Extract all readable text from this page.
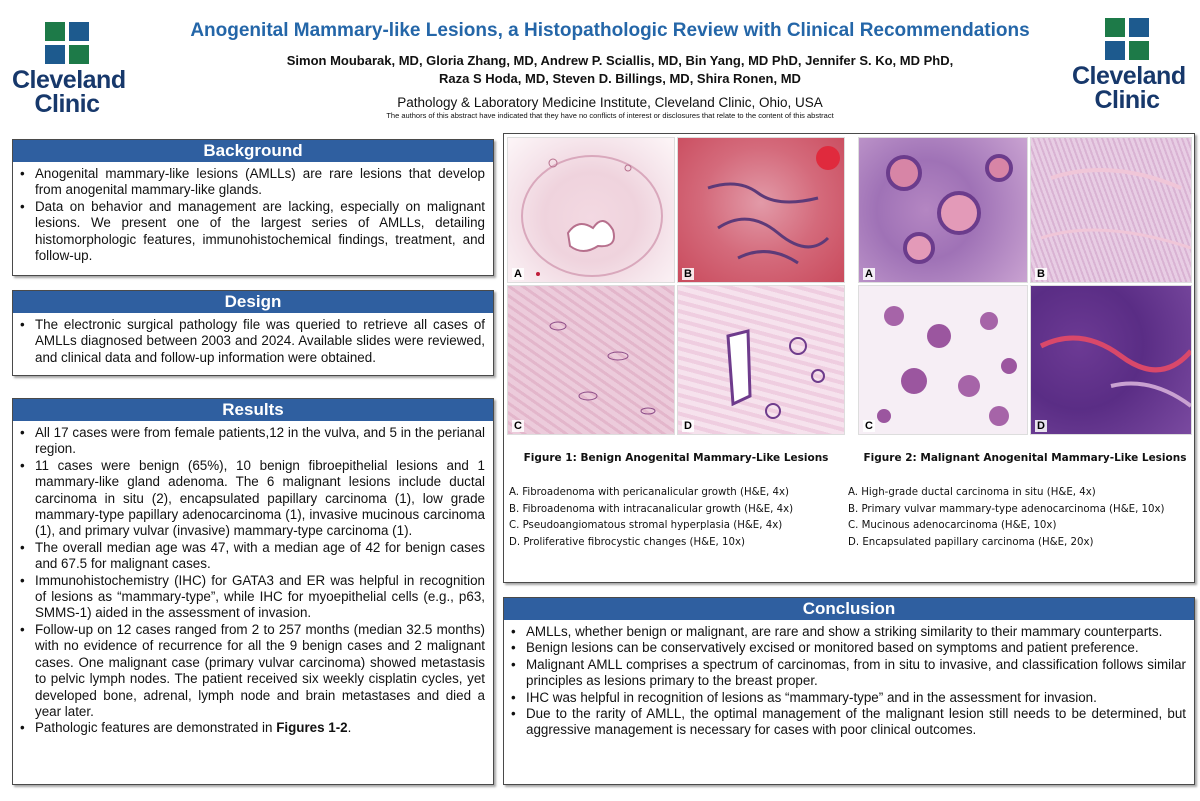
Cleveland
Clinic
Anogenital Mammary-like Lesions, a Histopathologic Review with Clinical Recommendations
Simon Moubarak, MD, Gloria Zhang, MD, Andrew P. Sciallis, MD, Bin Yang, MD PhD, Jennifer S. Ko, MD PhD,
Raza S Hoda, MD, Steven D. Billings, MD, Shira Ronen, MD
Pathology & Laboratory Medicine Institute, Cleveland Clinic, Ohio, USA
The authors of this abstract have indicated that they have no conflicts of interest or disclosures that relate to the content of this abstract
Cleveland
Clinic
Background
• Anogenital mammary-like lesions (AMLLs) are rare lesions that develop from anogenital mammary-like glands.
• Data on behavior and management are lacking, especially on malignant lesions. We present one of the largest series of AMLLs, detailing histomorphologic features, immunohistochemical findings, treatment, and follow-up.
Design
• The electronic surgical pathology file was queried to retrieve all cases of AMLLs diagnosed between 2003 and 2024. Available slides were reviewed, and clinical data and follow-up information were obtained.
Results
• All 17 cases were from female patients,12 in the vulva, and 5 in the perianal region.
• 11 cases were benign (65%), 10 benign fibroepithelial lesions and 1 mammary-like gland adenoma. The 6 malignant lesions include ductal carcinoma in situ (2), encapsulated papillary carcinoma (1), low grade mammary-type papillary adenocarcinoma (1), invasive mucinous carcinoma (1), and primary vulvar (invasive) mammary-type carcinoma (1).
• The overall median age was 47, with a median age of 42 for benign cases and 67.5 for malignant cases.
• Immunohistochemistry (IHC) for GATA3 and ER was helpful in recognition of lesions as “mammary-type”, while IHC for myoepithelial cells (e.g., p63, SMMS-1) aided in the assessment of invasion.
• Follow-up on 12 cases ranged from 2 to 257 months (median 32.5 months) with no evidence of recurrence for all the 9 benign cases and 2 malignant cases. One malignant case (primary vulvar carcinoma) showed metastasis to pelvic lymph nodes. The patient received six weekly cisplatin cycles, yet developed bone, adrenal, lymph node and brain metastases and died a year later.
• Pathologic features are demonstrated in Figures 1-2.
A	B
C	D
A	B
C	D
Figure 1: Benign Anogenital Mammary-Like Lesions	Figure 2: Malignant Anogenital Mammary-Like Lesions
A. Fibroadenoma with pericanalicular growth (H&E, 4x)
B. Fibroadenoma with intracanalicular growth (H&E, 4x)
C. Pseudoangiomatous stromal hyperplasia (H&E, 4x)
D. Proliferative fibrocystic changes (H&E, 10x)
A. High-grade ductal carcinoma in situ (H&E, 4x)
B. Primary vulvar mammary-type adenocarcinoma (H&E, 10x)
C. Mucinous adenocarcinoma (H&E, 10x)
D. Encapsulated papillary carcinoma (H&E, 20x)
Conclusion
• AMLLs, whether benign or malignant, are rare and show a striking similarity to their mammary counterparts.
• Benign lesions can be conservatively excised or monitored based on symptoms and patient preference.
• Malignant AMLL comprises a spectrum of carcinomas, from in situ to invasive, and classification follows similar principles as lesions primary to the breast proper.
• IHC was helpful in recognition of lesions as “mammary-type” and in the assessment for invasion.
• Due to the rarity of AMLL, the optimal management of the malignant lesion still needs to be determined, but aggressive management is necessary for cases with poor clinical outcomes.
